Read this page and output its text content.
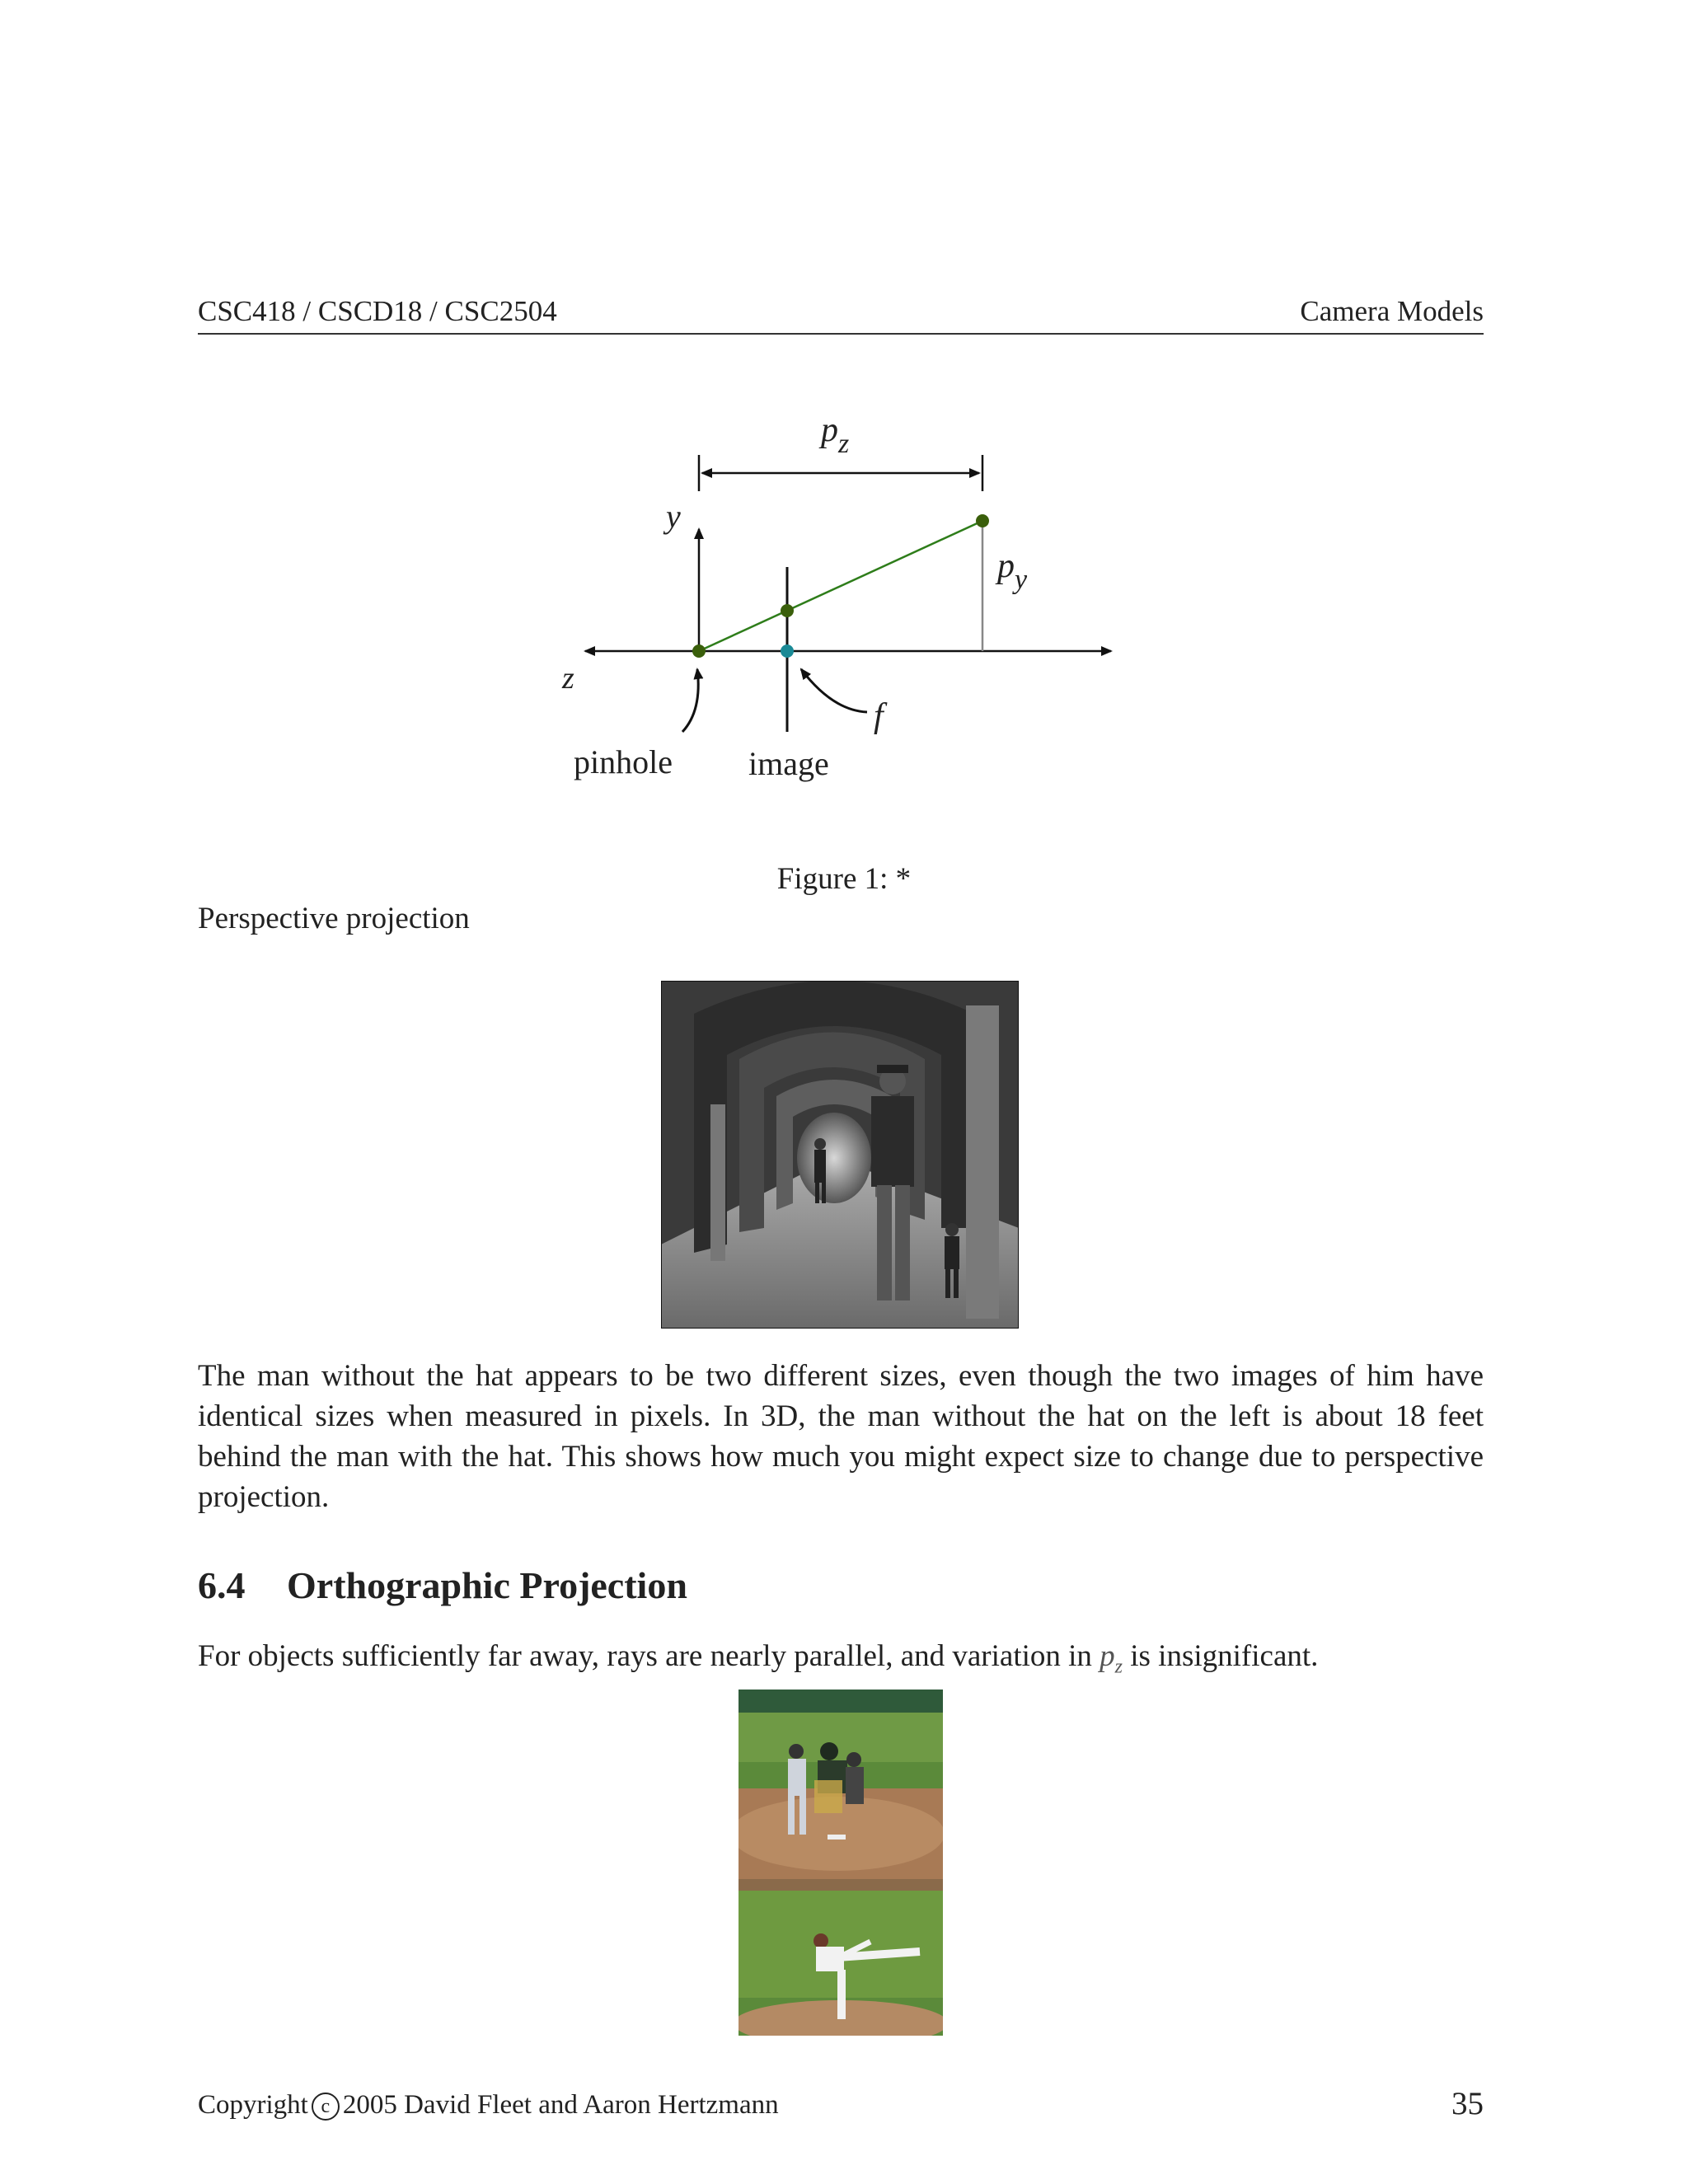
CSC418 / CSCD18 / CSC2504	Camera Models
$p_z$
z
y
$p_y$
f
pinhole image
Figure 1: *
Perspective projection
The man without the hat appears to be two different sizes, even though the two images of him have identical sizes when measured in pixels. In 3D, the man without the hat on the left is about 18 feet behind the man with the hat. This shows how much you might expect size to change due to perspective projection.
6.4 Orthographic Projection
For objects sufficiently far away, rays are nearly parallel, and variation in $p_z$ is insignificant.
Copyright c 2005 David Fleet and Aaron Hertzmann	35
